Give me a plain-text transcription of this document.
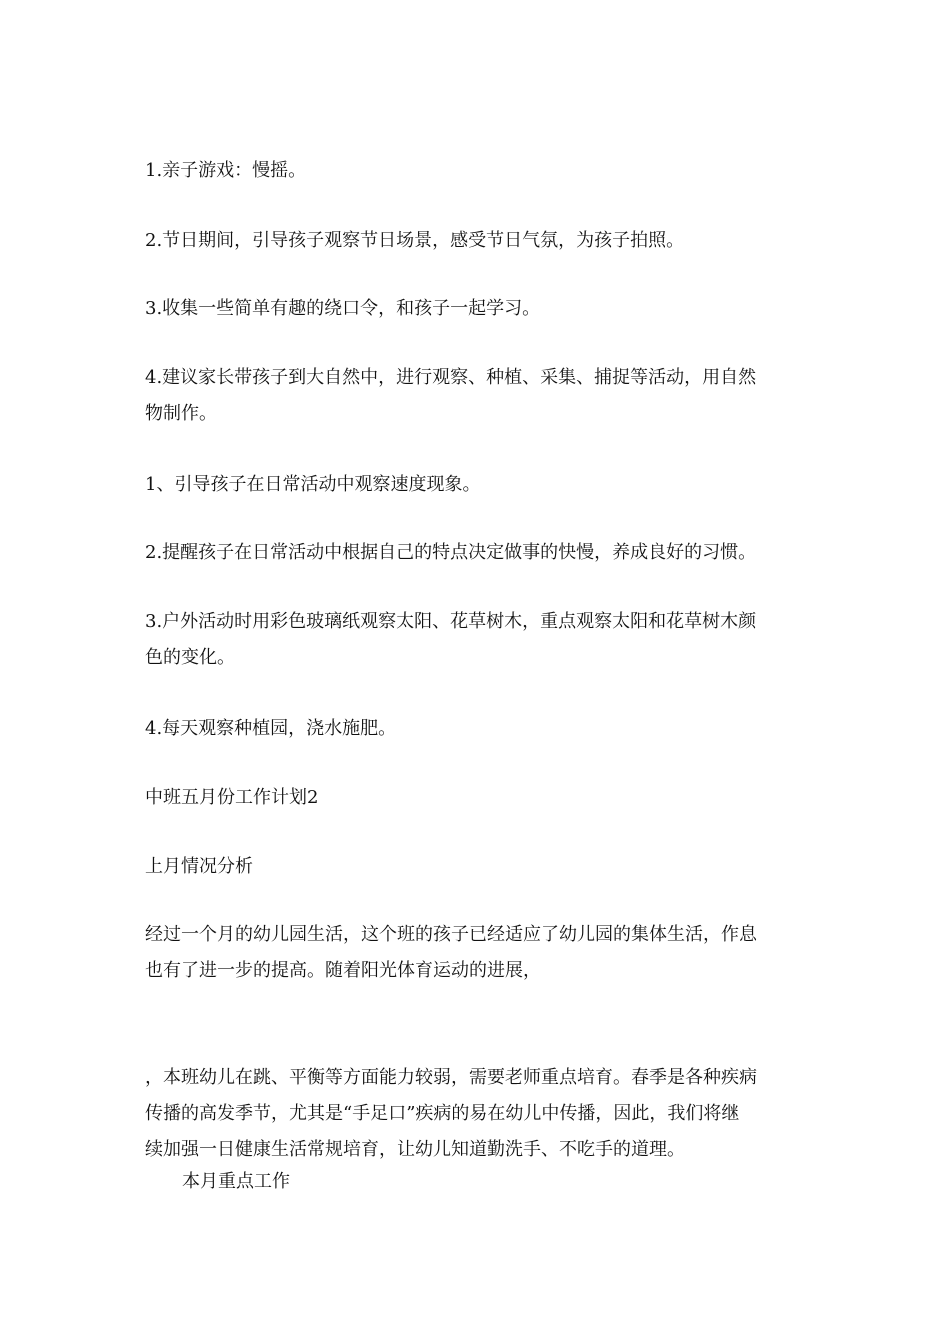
1.亲子游戏：慢摇。
2.节日期间，引导孩子观察节日场景，感受节日气氛，为孩子拍照。
3.收集一些简单有趣的绕口令，和孩子一起学习。
4.建议家长带孩子到大自然中，进行观察、种植、采集、捕捉等活动，用自然
物制作。
1、引导孩子在日常活动中观察速度现象。
2.提醒孩子在日常活动中根据自己的特点决定做事的快慢，养成良好的习惯。
3.户外活动时用彩色玻璃纸观察太阳、花草树木，重点观察太阳和花草树木颜
色的变化。
4.每天观察种植园，浇水施肥。
中班五月份工作计划2
上月情况分析
经过一个月的幼儿园生活，这个班的孩子已经适应了幼儿园的集体生活，作息
也有了进一步的提高。随着阳光体育运动的进展，
，本班幼儿在跳、平衡等方面能力较弱，需要老师重点培育。春季是各种疾病
传播的高发季节，尤其是“手足口”疾病的易在幼儿中传播，因此，我们将继
续加强一日健康生活常规培育，让幼儿知道勤洗手、不吃手的道理。
本月重点工作
